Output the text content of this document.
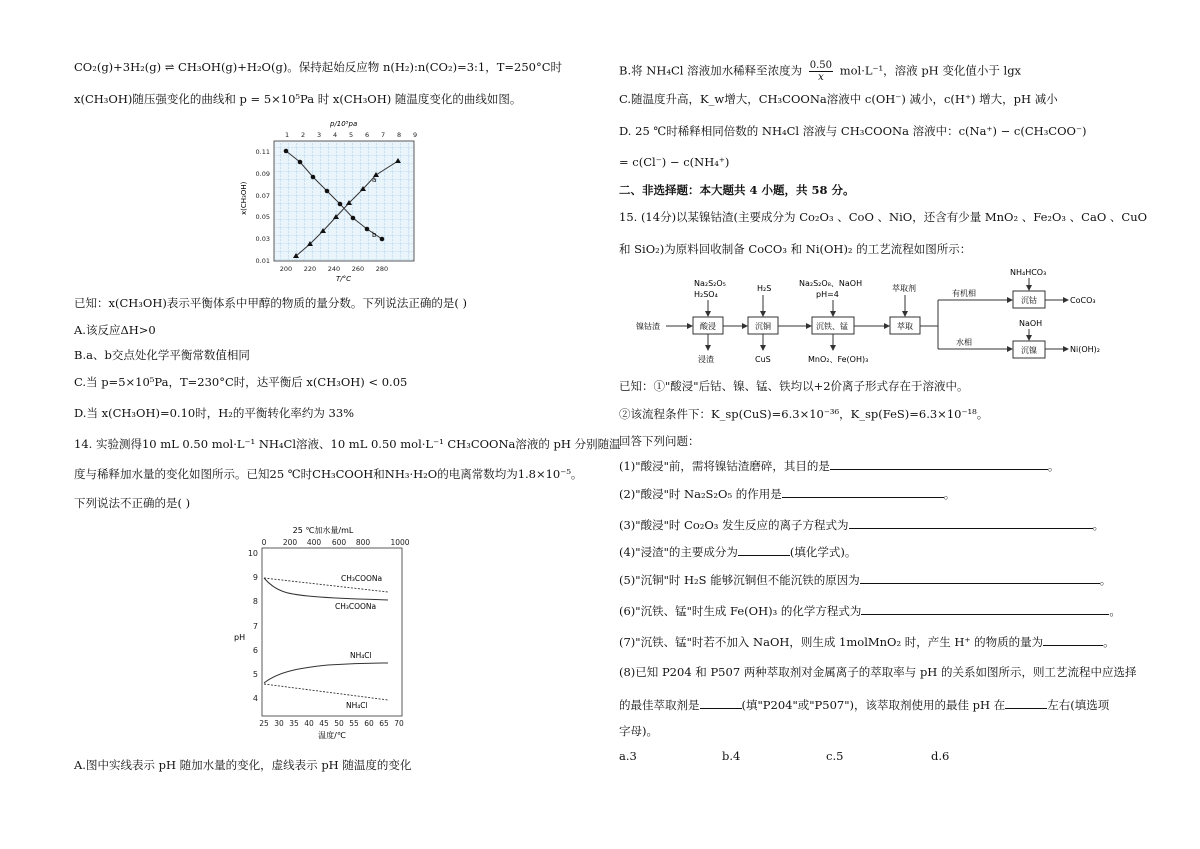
CO₂(g)+3H₂(g) ⇌ CH₃OH(g)+H₂O(g)。保持起始反应物 n(H₂):n(CO₂)=3:1，T=250°C时
x(CH₃OH)随压强变化的曲线和 p = 5×10⁵Pa 时 x(CH₃OH) 随温度变化的曲线如图。
p/10⁵pa
1 2 3 4 5 6 7 8 9
0.11
0.09
0.07
0.05
0.03
0.01
x(CH₃OH)
200 220 240 260 280
T/°C
a
b
已知：x(CH₃OH)表示平衡体系中甲醇的物质的量分数。下列说法正确的是( )
A.该反应ΔH>0
B.a、b交点处化学平衡常数值相同
C.当 p=5×10⁵Pa，T=230°C时，达平衡后 x(CH₃OH) < 0.05
D.当 x(CH₃OH)=0.10时，H₂的平衡转化率约为 33%
14. 实验测得10 mL 0.50 mol·L⁻¹ NH₄Cl溶液、10 mL 0.50 mol·L⁻¹ CH₃COONa溶液的 pH 分别随温
度与稀释加水量的变化如图所示。已知25 ℃时CH₃COOH和NH₃·H₂O的电离常数均为1.8×10⁻⁵。
下列说法不正确的是( )
25 ℃加水量/mL
0 200 400 600 800	1000
10
9
8
7
6
5
4
pH
25 30 35 40 45 50 55 60 65 70
温度/℃
CH₃COONa
CH₃COONa
NH₄Cl
NH₄Cl
A.图中实线表示 pH 随加水量的变化，虚线表示 pH 随温度的变化
B.将 NH₄Cl 溶液加水稀释至浓度为 $\frac{0.50}{x} mol\cdot L^{-1}$，溶液 pH 变化值小于 lgx
C.随温度升高，K_w增大，CH₃COONa溶液中 c(OH⁻) 减小，c(H⁺) 增大，pH 减小
D. 25 ℃时稀释相同倍数的 NH₄Cl 溶液与 CH₃COONa 溶液中：c(Na⁺) − c(CH₃COO⁻)
= c(Cl⁻) − c(NH₄⁺)
二、非选择题：本大题共 4 小题，共 58 分。
15. (14分)以某镍钴渣(主要成分为 Co₂O₃ 、CoO 、NiO，还含有少量 MnO₂ 、Fe₂O₃ 、CaO 、CuO
和 SiO₂)为原料回收制备 CoCO₃ 和 Ni(OH)₂ 的工艺流程如图所示：
镍钴渣	酸浸
Na₂S₂O₅
H₂SO₄
浸渣
沉铜
H₂S
CuS
沉铁、锰
Na₂S₂O₈、NaOH
pH=4
MnO₂、Fe(OH)₃
萃取
萃取剂
有机相
水相
沉钴
NH₄HCO₃
CoCO₃
沉镍
NaOH
Ni(OH)₂
已知：①"酸浸"后钴、镍、锰、铁均以+2价离子形式存在于溶液中。
②该流程条件下：K_sp(CuS)=6.3×10⁻³⁶，K_sp(FeS)=6.3×10⁻¹⁸。
回答下列问题：
(1)"酸浸"前，需将镍钴渣磨碎，其目的是	。
(2)"酸浸"时 Na₂S₂O₅ 的作用是	。
(3)"酸浸"时 Co₂O₃ 发生反应的离子方程式为	。
(4)"浸渣"的主要成分为	(填化学式)。
(5)"沉铜"时 H₂S 能够沉铜但不能沉铁的原因为	。
(6)"沉铁、锰"时生成 Fe(OH)₃ 的化学方程式为	。
(7)"沉铁、锰"时若不加入 NaOH，则生成 1molMnO₂ 时，产生 H⁺ 的物质的量为	。
(8)已知 P204 和 P507 两种萃取剂对金属离子的萃取率与 pH 的关系如图所示，则工艺流程中应选择
的最佳萃取剂是	(填"P204"或"P507")，该萃取剂使用的最佳 pH 在	左右(填选项
字母)。
a.3	b.4	c.5	d.6
